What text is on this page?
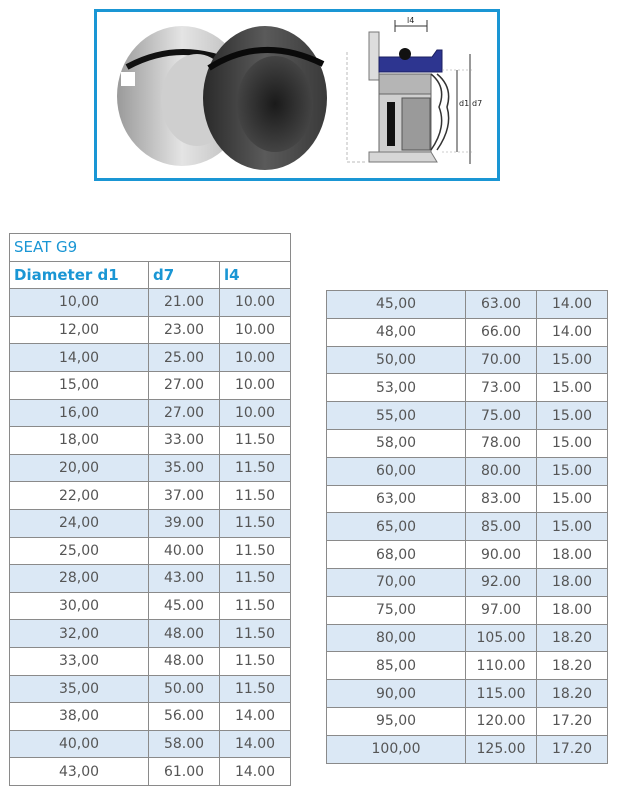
l4
d1 d7
SEAT G9		
Diameter d1	d7	l4
10,00	21.00	10.00
12,00	23.00	10.00
14,00	25.00	10.00
15,00	27.00	10.00
16,00	27.00	10.00
18,00	33.00	11.50
20,00	35.00	11.50
22,00	37.00	11.50
24,00	39.00	11.50
25,00	40.00	11.50
28,00	43.00	11.50
30,00	45.00	11.50
32,00	48.00	11.50
33,00	48.00	11.50
35,00	50.00	11.50
38,00	56.00	14.00
40,00	58.00	14.00
43,00	61.00	14.00
45,00	63.00	14.00
48,00	66.00	14.00
50,00	70.00	15.00
53,00	73.00	15.00
55,00	75.00	15.00
58,00	78.00	15.00
60,00	80.00	15.00
63,00	83.00	15.00
65,00	85.00	15.00
68,00	90.00	18.00
70,00	92.00	18.00
75,00	97.00	18.00
80,00	105.00	18.20
85,00	110.00	18.20
90,00	115.00	18.20
95,00	120.00	17.20
100,00	125.00	17.20
